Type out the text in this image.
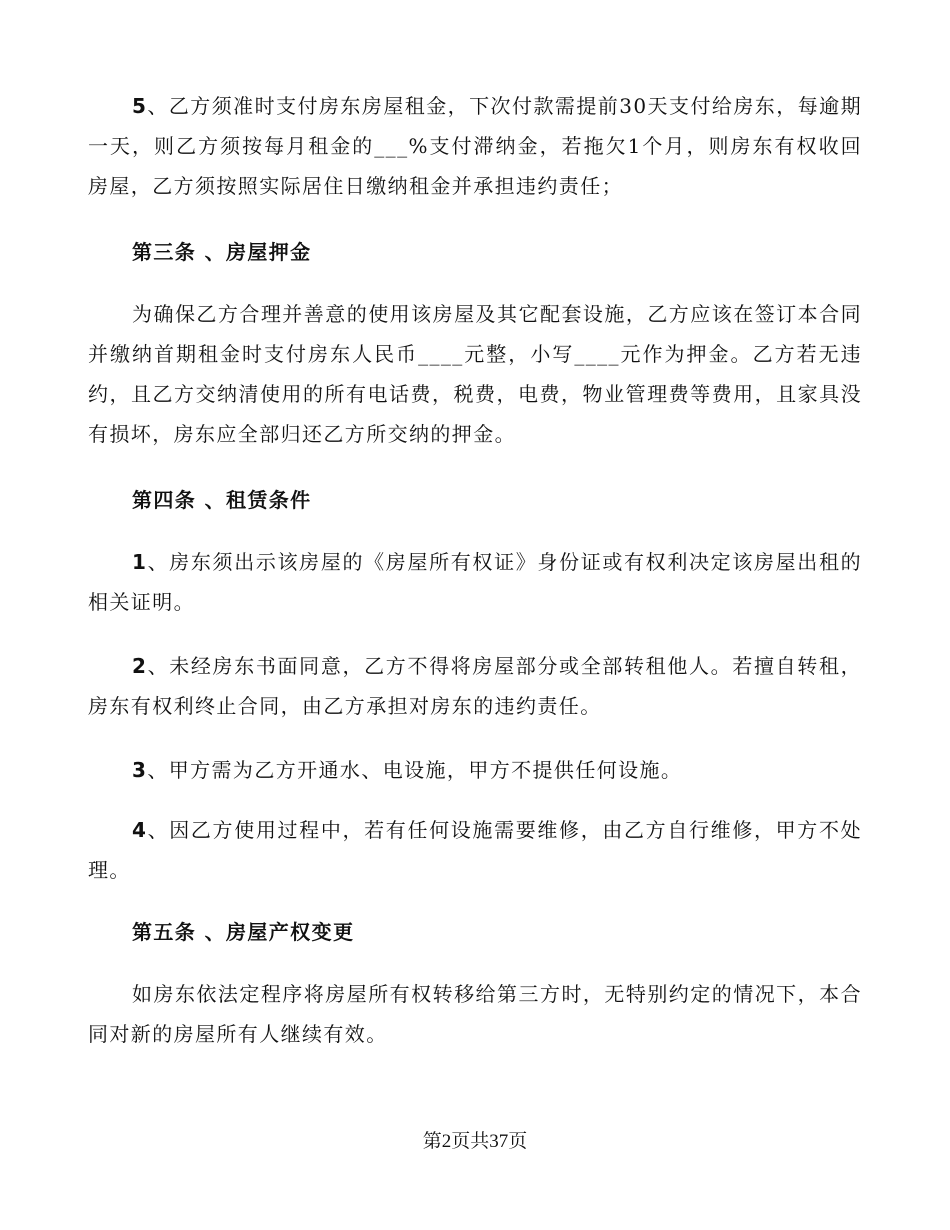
5、乙方须准时支付房东房屋租金，下次付款需提前30天支付给房东，每逾期一天，则乙方须按每月租金的___%支付滞纳金，若拖欠1个月，则房东有权收回房屋，乙方须按照实际居住日缴纳租金并承担违约责任；

第三条 、房屋押金

为确保乙方合理并善意的使用该房屋及其它配套设施，乙方应该在签订本合同并缴纳首期租金时支付房东人民币____元整，小写____元作为押金。乙方若无违约，且乙方交纳清使用的所有电话费，税费，电费，物业管理费等费用，且家具没有损坏，房东应全部归还乙方所交纳的押金。

第四条 、租赁条件

1、房东须出示该房屋的《房屋所有权证》身份证或有权利决定该房屋出租的相关证明。

2、未经房东书面同意，乙方不得将房屋部分或全部转租他人。若擅自转租，房东有权利终止合同，由乙方承担对房东的违约责任。

3、甲方需为乙方开通水、电设施，甲方不提供任何设施。

4、因乙方使用过程中，若有任何设施需要维修，由乙方自行维修，甲方不处理。

第五条 、房屋产权变更

如房东依法定程序将房屋所有权转移给第三方时，无特别约定的情况下，本合同对新的房屋所有人继续有效。

第2页共37页
